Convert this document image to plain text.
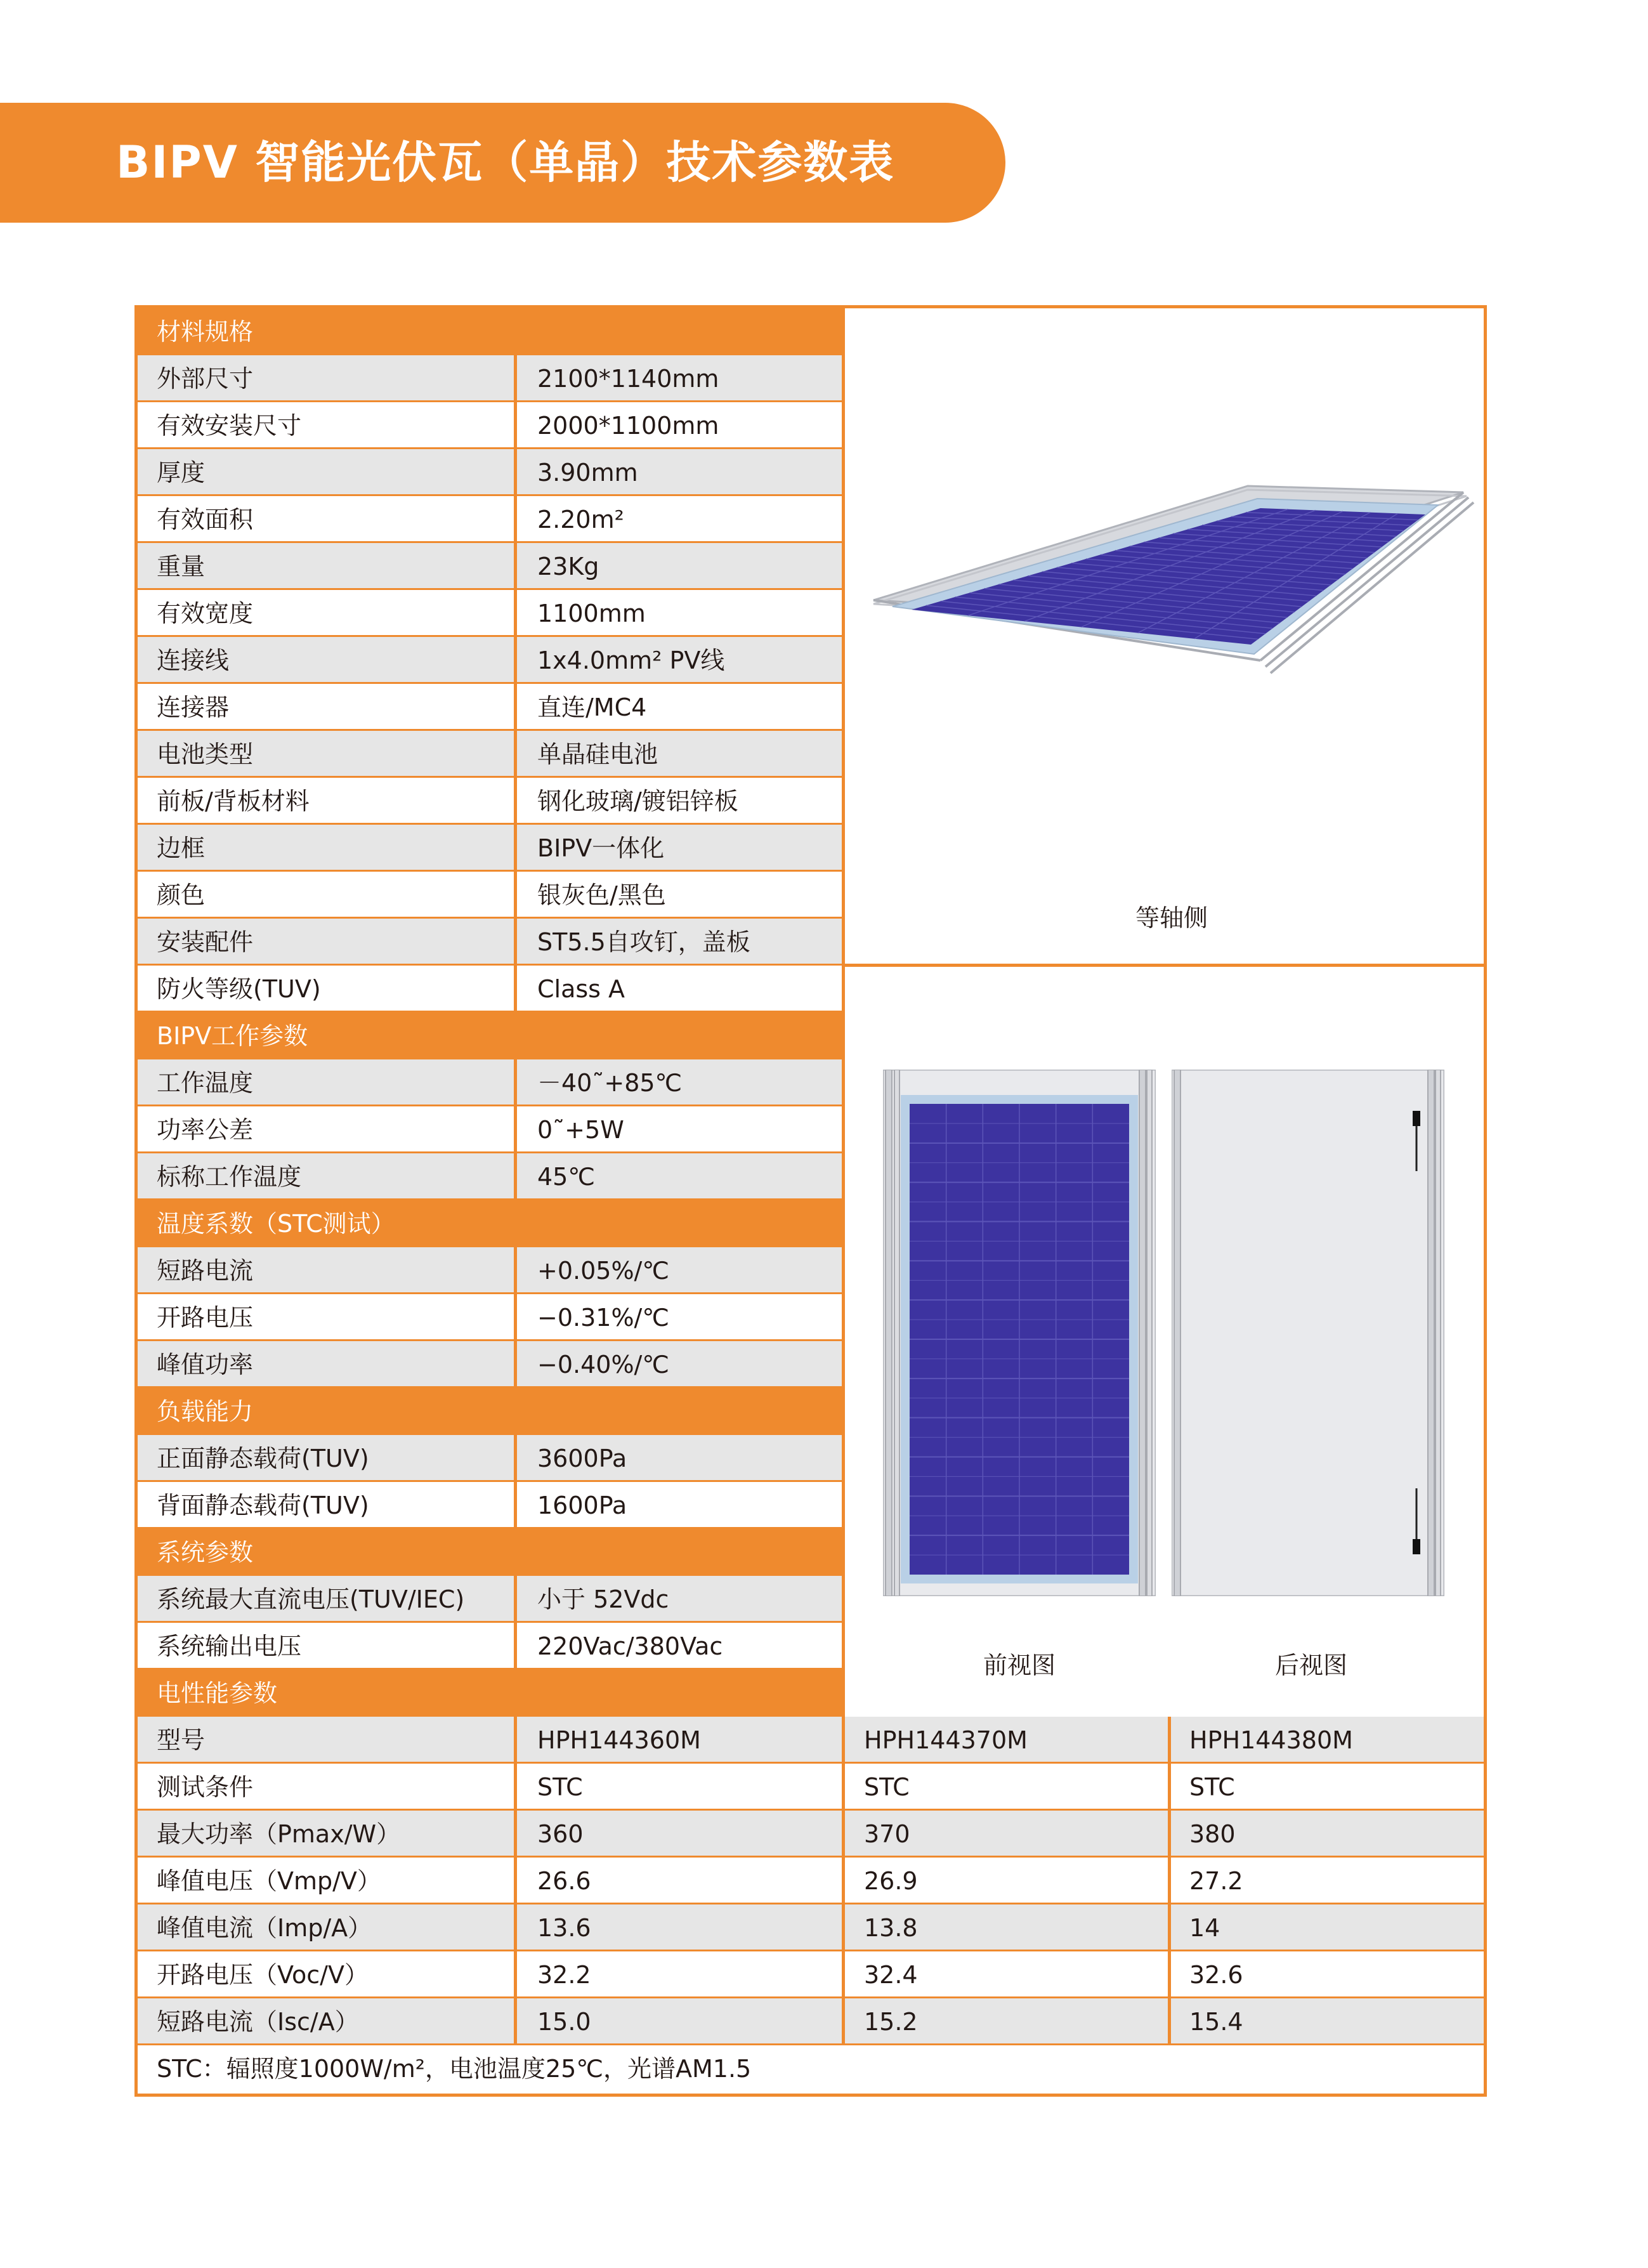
BIPV 智能光伏瓦（单晶）技术参数表
等轴侧
前视图	后视图
材料规格
外部尺寸	2100*1140mm
有效安装尺寸	2000*1100mm
厚度	3.90mm
有效面积	2.20m²
重量	23Kg
有效宽度	1100mm
连接线	1x4.0mm² PV线
连接器	直连/MC4
电池类型	单晶硅电池
前板/背板材料	钢化玻璃/镀铝锌板
边框	BIPV一体化
颜色	银灰色/黑色
安装配件	ST5.5自攻钉，盖板
防火等级(TUV)	Class A
BIPV工作参数
工作温度	－40˜+85℃
功率公差	0˜+5W
标称工作温度	45℃
温度系数（STC测试）
短路电流	+0.05%/℃
开路电压	−0.31%/℃
峰值功率	−0.40%/℃
负载能力
正面静态载荷(TUV)	3600Pa
背面静态载荷(TUV)	1600Pa
系统参数
系统最大直流电压(TUV/IEC)	小于 52Vdc
系统输出电压	220Vac/380Vac
电性能参数
型号	HPH144360M	HPH144370M	HPH144380M
测试条件	STC	STC	STC
最大功率（Pmax/W）	360	370	380
峰值电压（Vmp/V）	26.6	26.9	27.2
峰值电流（Imp/A）	13.6	13.8	14
开路电压（Voc/V）	32.2	32.4	32.6
短路电流（Isc/A）	15.0	15.2	15.4
STC：辐照度1000W/m²，电池温度25℃，光谱AM1.5
